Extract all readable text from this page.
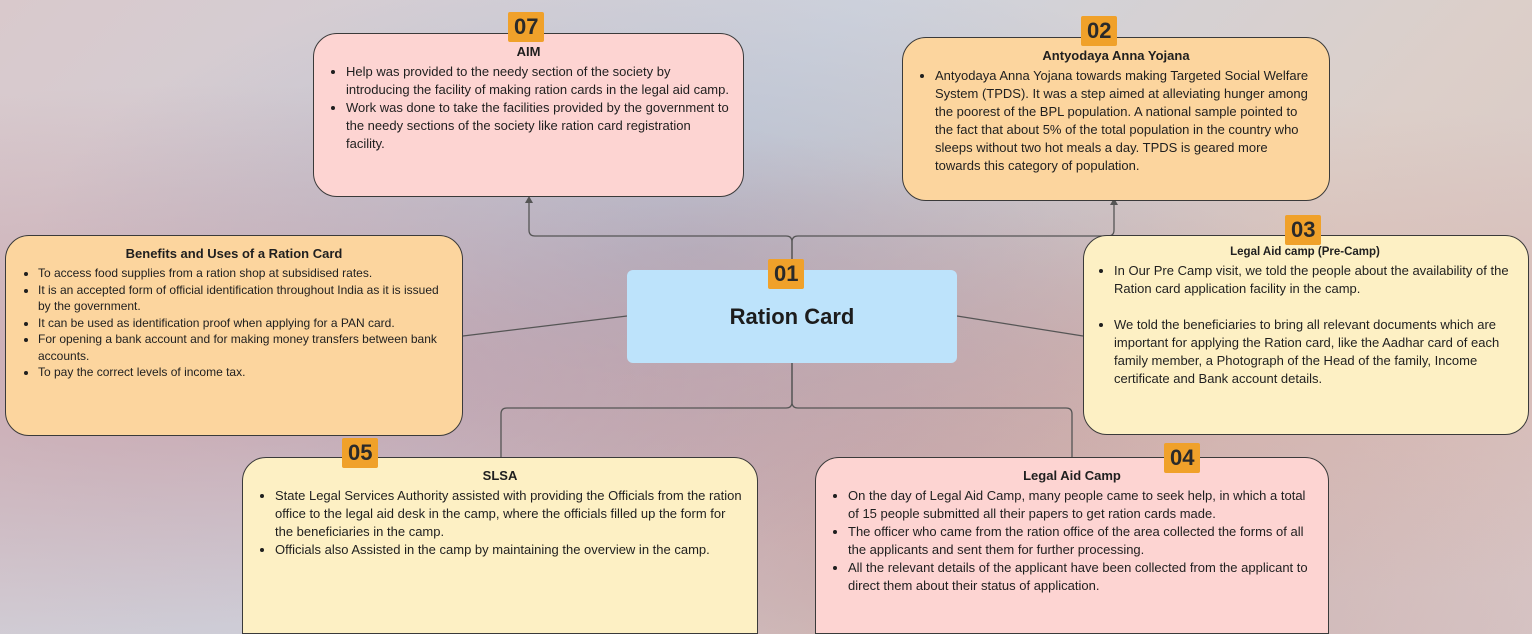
AIM
• Help was provided to the needy section of the society by introducing the facility of making ration cards in the legal aid camp.
• Work was done to take the facilities provided by the government to the needy sections of the society like ration card registration facility.
07
Antyodaya Anna Yojana
• Antyodaya Anna Yojana towards making Targeted Social Welfare System (TPDS). It was a step aimed at alleviating hunger among the poorest of the BPL population. A national sample pointed to the fact that about 5% of the total population in the country who sleeps without two hot meals a day. TPDS is geared more towards this category of population.
02
Benefits and Uses of a Ration Card
• To access food supplies from a ration shop at subsidised rates.
• It is an accepted form of official identification throughout India as it is issued by the government.
• It can be used as identification proof when applying for a PAN card.
• For opening a bank account and for making money transfers between bank accounts.
• To pay the correct levels of income tax.
Ration Card
01
Legal Aid camp (Pre-Camp)
• In Our Pre Camp visit, we told the people about the availability of the Ration card application facility in the camp.
• We told the beneficiaries to bring all relevant documents which are important for applying the Ration card, like the Aadhar card of each family member, a Photograph of the Head of the family, Income certificate and Bank account details.
03
SLSA
• State Legal Services Authority assisted with providing the Officials from the ration office to the legal aid desk in the camp, where the officials filled up the form for the beneficiaries in the camp.
• Officials also Assisted in the camp by maintaining the overview in the camp.
05
Legal Aid Camp
• On the day of Legal Aid Camp, many people came to seek help, in which a total of 15 people submitted all their papers to get ration cards made.
• The officer who came from the ration office of the area collected the forms of all the applicants and sent them for further processing.
• All the relevant details of the applicant have been collected from the applicant to direct them about their status of application.
04
